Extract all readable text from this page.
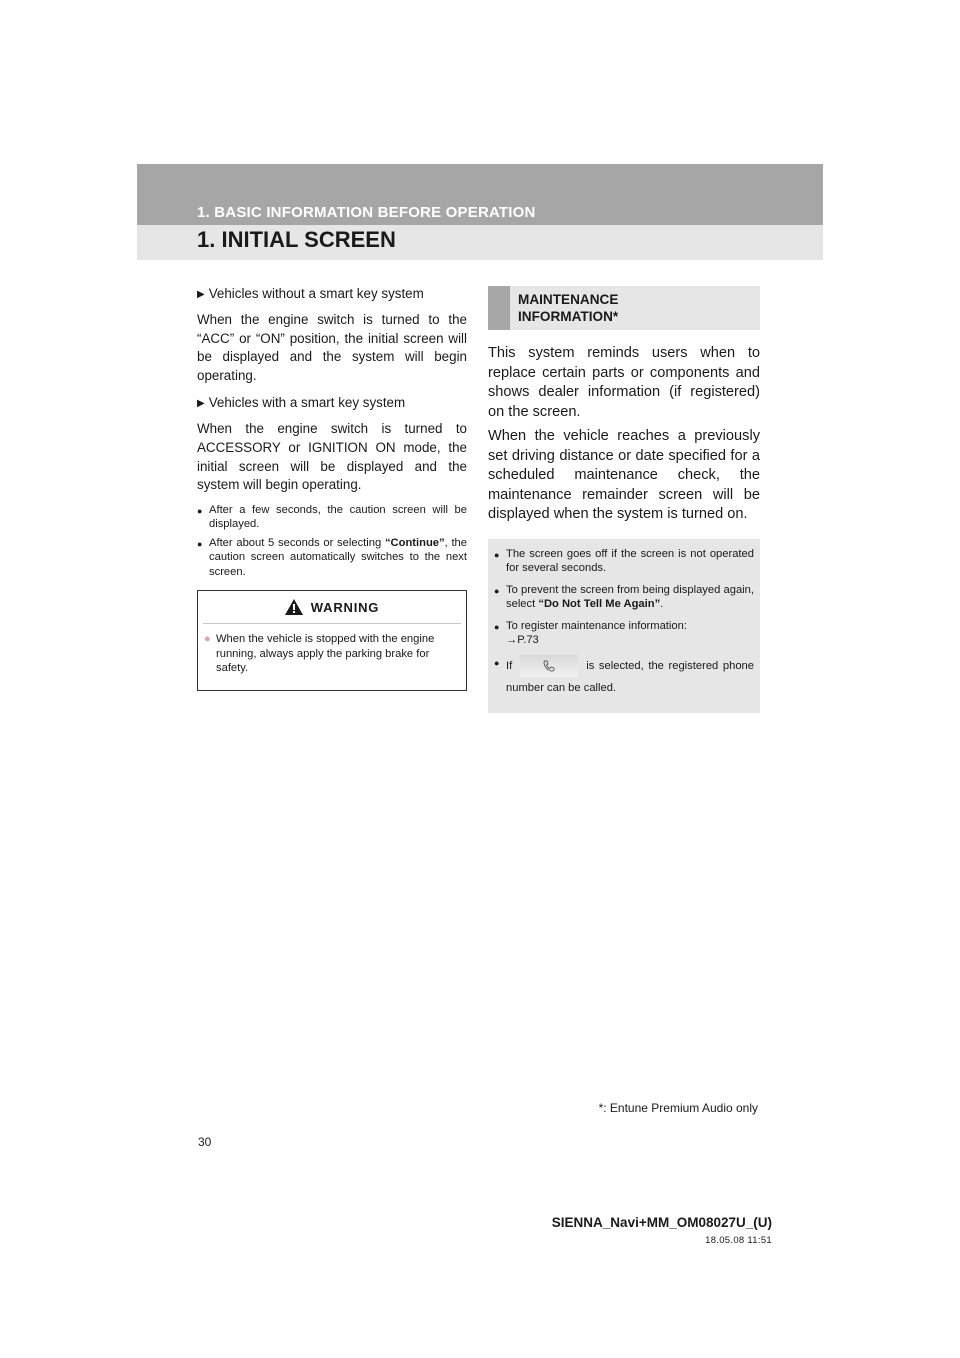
1. BASIC INFORMATION BEFORE OPERATION
1. INITIAL SCREEN
▶ Vehicles without a smart key system

When the engine switch is turned to the “ACC” or “ON” position, the initial screen will be displayed and the system will begin operating.

▶ Vehicles with a smart key system

When the engine switch is turned to ACCESSORY or IGNITION ON mode, the initial screen will be displayed and the system will begin operating.

● After a few seconds, the caution screen will be displayed.
● After about 5 seconds or selecting “Continue”, the caution screen automatically switches to the next screen.
WARNING
● When the vehicle is stopped with the engine running, always apply the parking brake for safety.
MAINTENANCE INFORMATION*

This system reminds users when to replace certain parts or components and shows dealer information (if registered) on the screen.

When the vehicle reaches a previously set driving distance or date specified for a scheduled maintenance check, the maintenance remainder screen will be displayed when the system is turned on.

● The screen goes off if the screen is not operated for several seconds.
● To prevent the screen from being displayed again, select “Do Not Tell Me Again”.
● To register maintenance information:
→P.73
● If	is selected, the registered phone number can be called.
*: Entune Premium Audio only
30
SIENNA_Navi+MM_OM08027U_(U)
18.05.08 11:51
